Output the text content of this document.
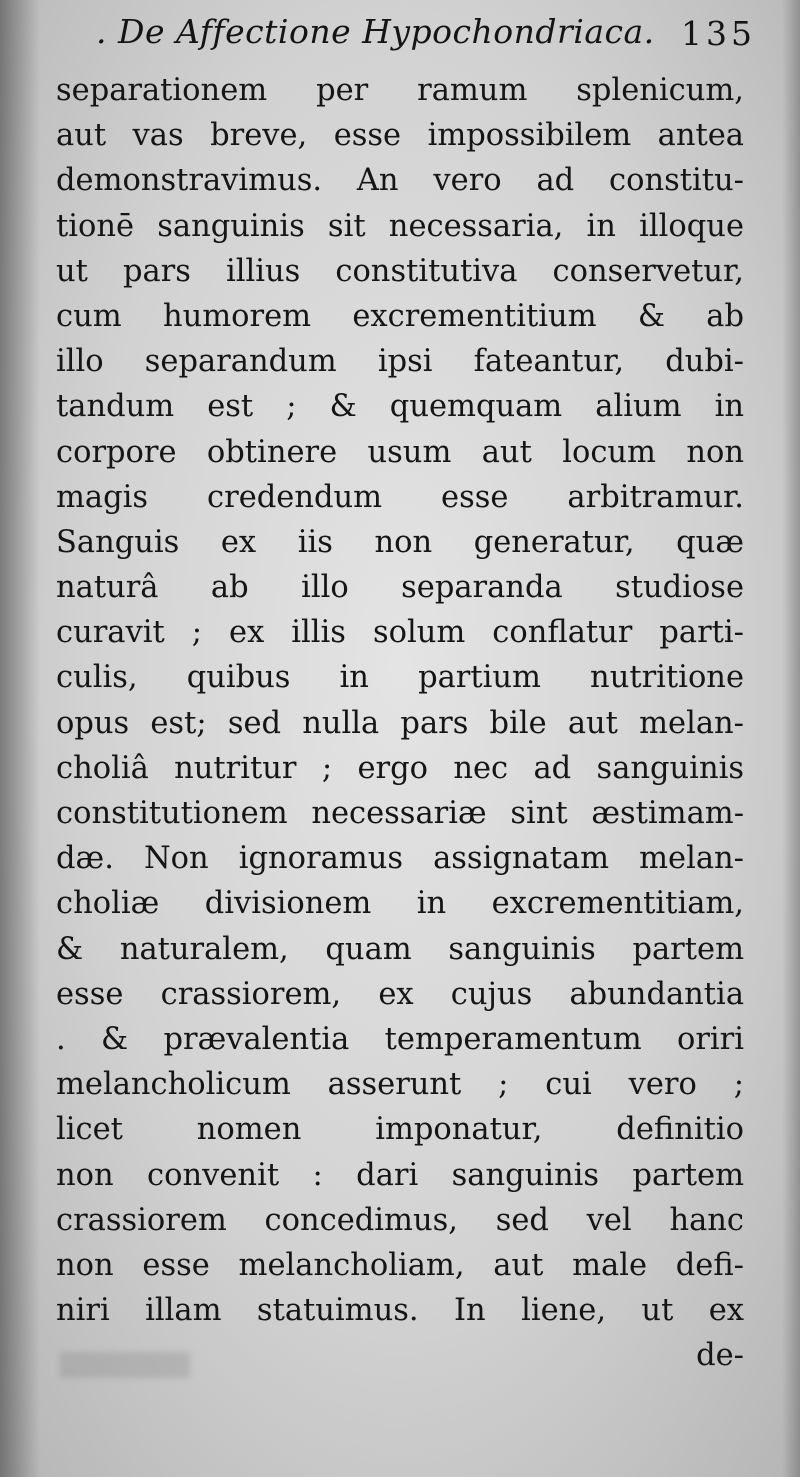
. De Affectione Hypochondriaca. 135
separationem per ramum splenicum,
aut vas breve, esse impossibilem antea
demonstravimus. An vero ad constitu-
tionē sanguinis sit necessaria, in illoque
ut pars illius constitutiva conservetur,
cum humorem excrementitium & ab
illo separandum ipsi fateantur, dubi-
tandum est ; & quemquam alium in
corpore obtinere usum aut locum non
magis credendum esse arbitramur.
Sanguis ex iis non generatur, quæ
naturâ ab illo separanda studiose
curavit ; ex illis solum conflatur parti-
culis, quibus in partium nutritione
opus est; sed nulla pars bile aut melan-
choliâ nutritur ; ergo nec ad sanguinis
constitutionem necessariæ sint æstimam-
dæ. Non ignoramus assignatam melan-
choliæ divisionem in excrementitiam,
& naturalem, quam sanguinis partem
esse crassiorem, ex cujus abundantia
. & prævalentia temperamentum oriri
melancholicum asserunt ; cui vero ;
licet nomen imponatur, definitio
non convenit : dari sanguinis partem
crassiorem concedimus, sed vel hanc
non esse melancholiam, aut male defi-
niri illam statuimus. In liene, ut ex
de-
